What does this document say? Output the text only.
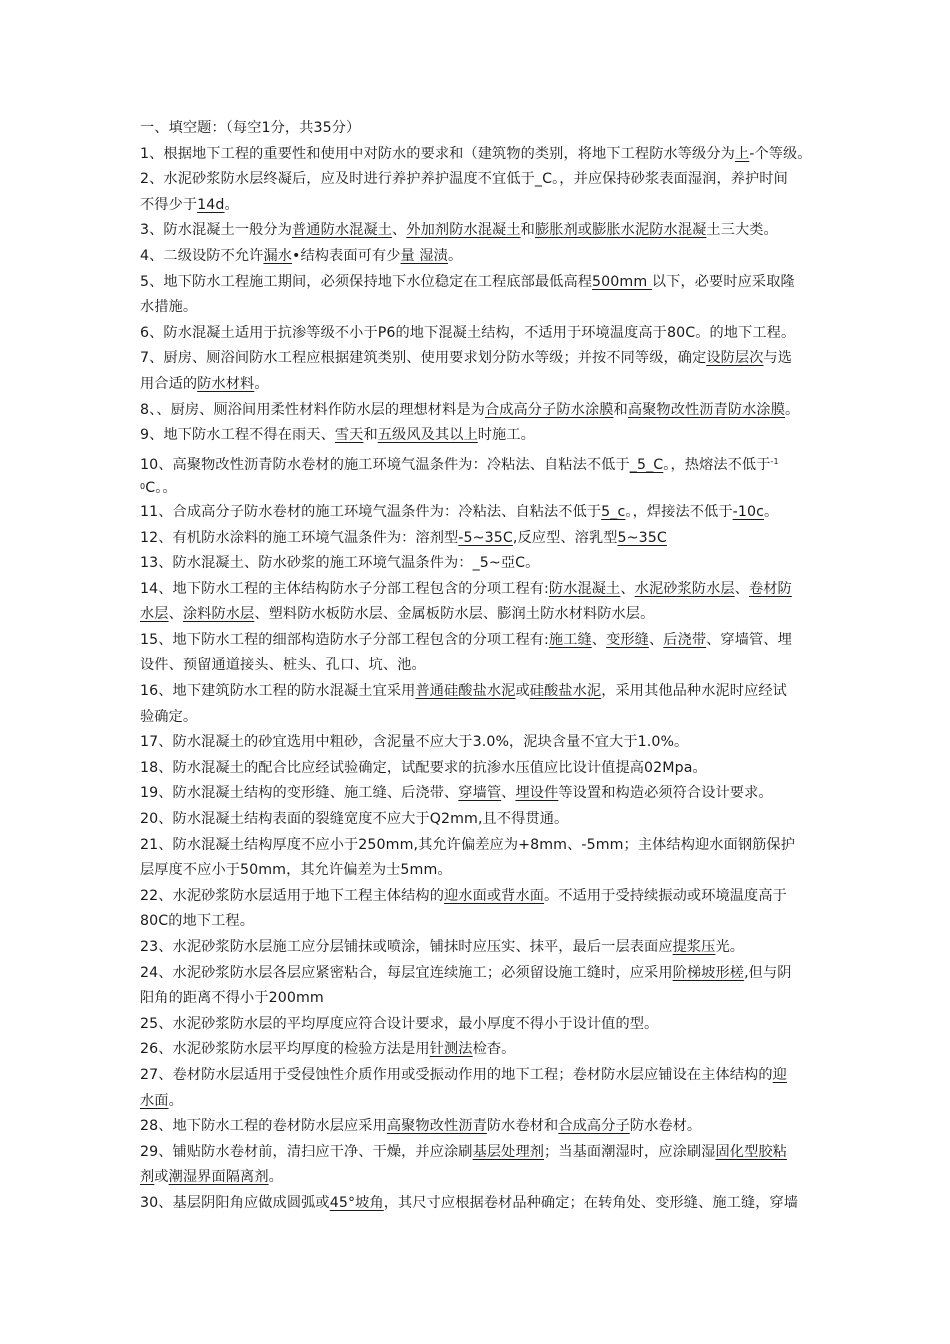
一、填空题：（每空1分，共35分）
1、根据地下工程的重要性和使用中对防水的要求和（建筑物的类别，将地下工程防水等级分为上-个等级。
2、水泥砂浆防水层终凝后，应及时进行养护养护温度不宜低于_C。，并应保持砂浆表面湿润，养护时间
不得少于14d。
3、防水混凝土一般分为普通防水混凝土、外加剂防水混凝土和膨胀剂或膨胀水泥防水混凝土三大类。
4、二级设防不允许漏水•结构表面可有少量 湿渍。
5、地下防水工程施工期间，必须保持地下水位稳定在工程底部最低高程500mm 以下，必要时应采取隆
水措施。
6、防水混凝土适用于抗渗等级不小于P6的地下混凝土结构，不适用于环境温度高于80C。的地下工程。
7、厨房、厕浴间防水工程应根据建筑类别、使用要求划分防水等级；并按不同等级，确定设防层次与选
用合适的防水材料。
8、、厨房、厕浴间用柔性材料作防水层的理想材料是为合成高分子防水涂膜和高聚物改性沥青防水涂膜。
9、地下防水工程不得在雨天、雪天和五级风及其以上时施工。
10、高聚物改性沥青防水卷材的施工环境气温条件为：冷粘法、自粘法不低于_5_C。，热熔法不低于$^{-1}$
$^0$C。。
11、合成高分子防水卷材的施工环境气温条件为：冷粘法、自粘法不低于5_c。，焊接法不低于-10c。
12、有机防水涂料的施工环境气温条件为：溶剂型-5~35C,反应型、溶乳型5~35C
13、防水混凝土、防水砂浆的施工环境气温条件为：_5~亞C。
14、地下防水工程的主体结构防水子分部工程包含的分项工程有:防水混凝土、水泥砂浆防水层、卷材防
水层、涂料防水层、塑料防水板防水层、金属板防水层、膨润土防水材料防水层。
15、地下防水工程的细部构造防水子分部工程包含的分项工程有:施工缝、变形缝、后浇带、穿墙管、埋
设件、预留通道接头、桩头、孔口、坑、池。
16、地下建筑防水工程的防水混凝土宜采用普通硅酸盐水泥或硅酸盐水泥，采用其他品种水泥时应经试
验确定。
17、防水混凝土的砂宜选用中粗砂，含泥量不应大于3.0%，泥块含量不宜大于1.0%。
18、防水混凝土的配合比应经试验确定，试配要求的抗渗水压值应比设计值提高02Mpa。
19、防水混凝土结构的变形缝、施工缝、后浇带、穿墙管、埋设件等设置和构造必须符合设计要求。
20、防水混凝土结构表面的裂缝宽度不应大于Q2mm,且不得贯通。
21、防水混凝土结构厚度不应小于250mm,其允许偏差应为+8mm、-5mm；主体结构迎水面钢筋保护
层厚度不应小于50mm，其允许偏差为士5mm。
22、水泥砂浆防水层适用于地下工程主体结构的迎水面或背水面。不适用于受持续振动或环境温度高于
80C的地下工程。
23、水泥砂浆防水层施工应分层铺抹或喷涂，铺抹时应压实、抹平，最后一层表面应提浆压光。
24、水泥砂浆防水层各层应紧密粘合，每层宜连续施工；必须留设施工缝时，应采用阶梯坡形槎,但与阴
阳角的距离不得小于200mm
25、水泥砂浆防水层的平均厚度应符合设计要求，最小厚度不得小于设计值的型。
26、水泥砂浆防水层平均厚度的检验方法是用针测法检杳。
27、卷材防水层适用于受侵蚀性介质作用或受振动作用的地下工程；卷材防水层应铺设在主体结构的迎
水面。
28、地下防水工程的卷材防水层应采用高聚物改性沥青防水卷材和合成高分子防水卷材。
29、铺贴防水卷材前，清扫应干净、干燥，并应涂刷基层处理剂；当基面潮湿时，应涂刷湿固化型胶粘
剂或潮湿界面隔离剂。
30、基层阴阳角应做成圆弧或45°坡角，其尺寸应根据卷材品种确定；在转角处、变形缝、施工缝，穿墙
